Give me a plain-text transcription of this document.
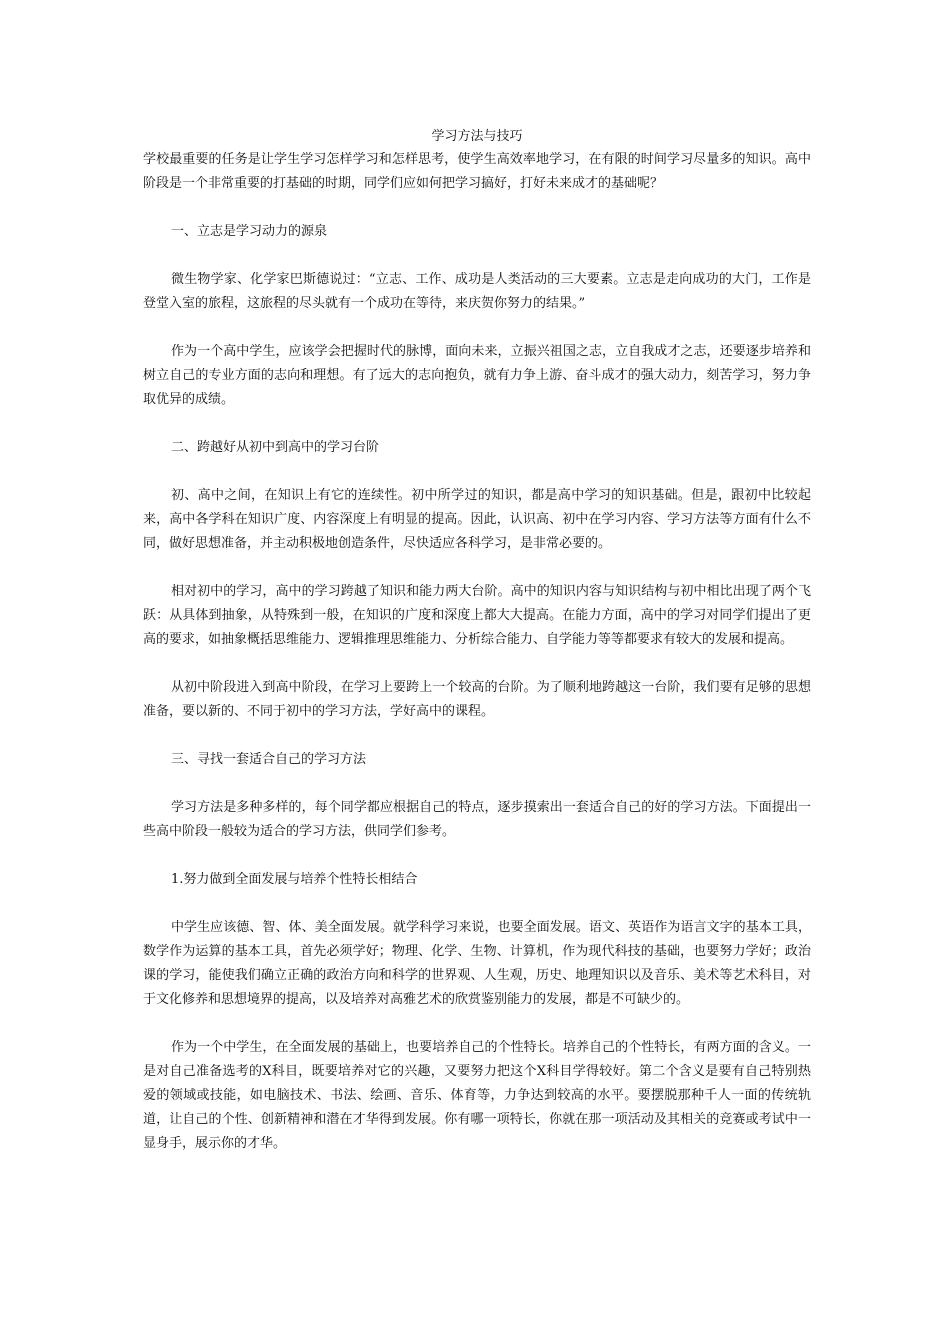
学习方法与技巧

学校最重要的任务是让学生学习怎样学习和怎样思考，使学生高效率地学习，在有限的时间学习尽量多的知识。高中阶段是一个非常重要的打基础的时期，同学们应如何把学习搞好，打好未来成才的基础呢？

一、立志是学习动力的源泉

微生物学家、化学家巴斯德说过：“立志、工作、成功是人类活动的三大要素。立志是走向成功的大门，工作是登堂入室的旅程，这旅程的尽头就有一个成功在等待，来庆贺你努力的结果。”

作为一个高中学生，应该学会把握时代的脉博，面向未来，立振兴祖国之志，立自我成才之志，还要逐步培养和树立自己的专业方面的志向和理想。有了远大的志向抱负，就有力争上游、奋斗成才的强大动力，刻苦学习，努力争取优异的成绩。

二、跨越好从初中到高中的学习台阶

初、高中之间，在知识上有它的连续性。初中所学过的知识，都是高中学习的知识基础。但是，跟初中比较起来，高中各学科在知识广度、内容深度上有明显的提高。因此，认识高、初中在学习内容、学习方法等方面有什么不同，做好思想准备，并主动积极地创造条件，尽快适应各科学习，是非常必要的。

相对初中的学习，高中的学习跨越了知识和能力两大台阶。高中的知识内容与知识结构与初中相比出现了两个飞跃：从具体到抽象，从特殊到一般，在知识的广度和深度上都大大提高。在能力方面，高中的学习对同学们提出了更高的要求，如抽象概括思维能力、逻辑推理思维能力、分析综合能力、自学能力等等都要求有较大的发展和提高。

从初中阶段进入到高中阶段，在学习上要跨上一个较高的台阶。为了顺利地跨越这一台阶，我们要有足够的思想准备，要以新的、不同于初中的学习方法，学好高中的课程。

三、寻找一套适合自己的学习方法

学习方法是多种多样的，每个同学都应根据自己的特点，逐步摸索出一套适合自己的好的学习方法。下面提出一些高中阶段一般较为适合的学习方法，供同学们参考。

1.努力做到全面发展与培养个性特长相结合

中学生应该德、智、体、美全面发展。就学科学习来说，也要全面发展。语文、英语作为语言文字的基本工具，数学作为运算的基本工具，首先必须学好；物理、化学、生物、计算机，作为现代科技的基础，也要努力学好；政治课的学习，能使我们确立正确的政治方向和科学的世界观、人生观，历史、地理知识以及音乐、美术等艺术科目，对于文化修养和思想境界的提高，以及培养对高雅艺术的欣赏鉴别能力的发展，都是不可缺少的。

作为一个中学生，在全面发展的基础上，也要培养自己的个性特长。培养自己的个性特长，有两方面的含义。一是对自己准备选考的X科目，既要培养对它的兴趣，又要努力把这个X科目学得较好。第二个含义是要有自己特别热爱的领域或技能，如电脑技术、书法、绘画、音乐、体育等，力争达到较高的水平。要摆脱那种千人一面的传统轨道，让自己的个性、创新精神和潜在才华得到发展。你有哪一项特长，你就在那一项活动及其相关的竞赛或考试中一显身手，展示你的才华。
